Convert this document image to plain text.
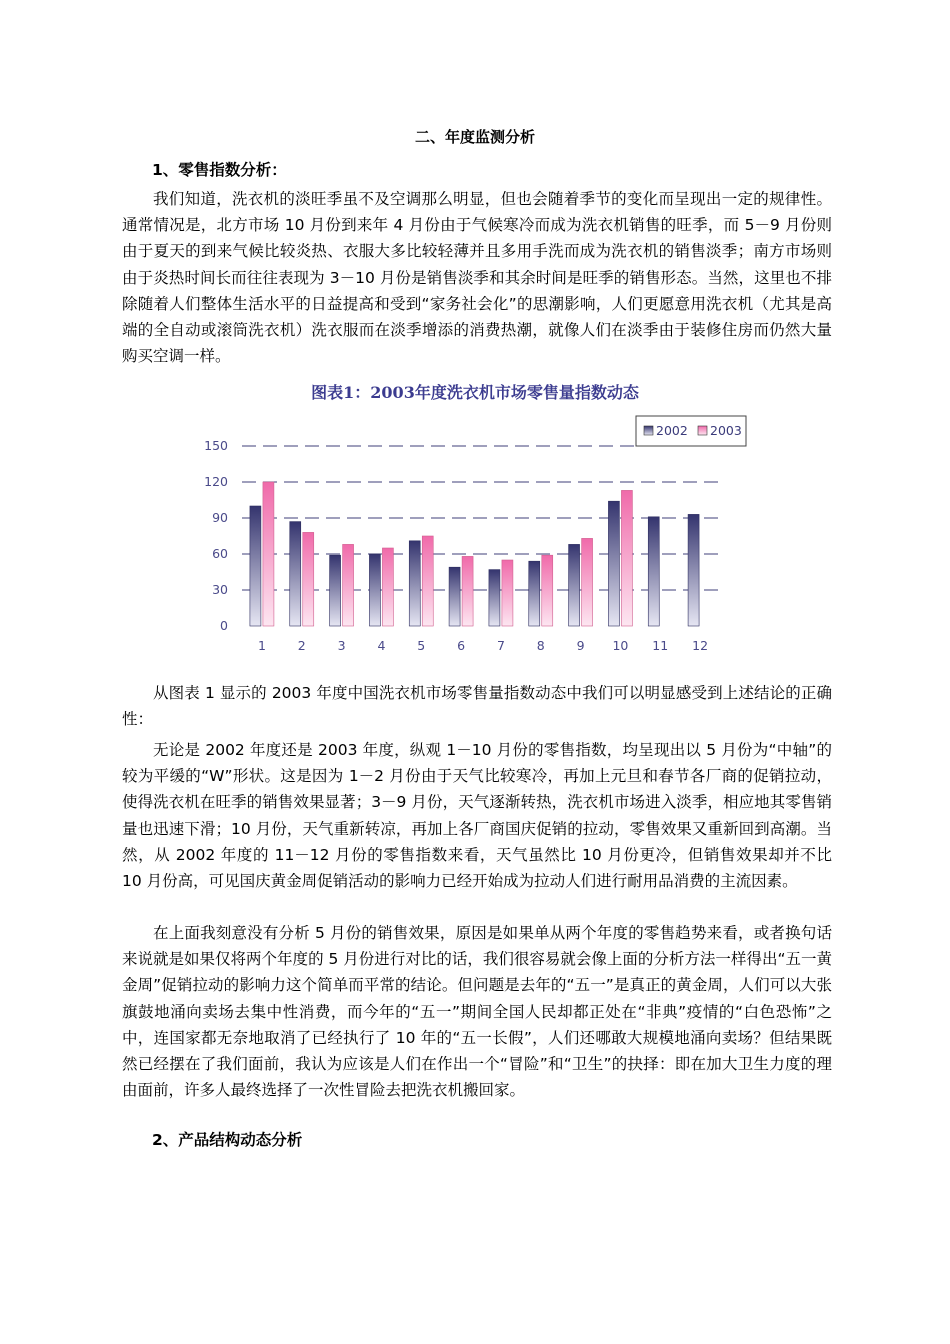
二、年度监测分析
1、零售指数分析：

我们知道，洗衣机的淡旺季虽不及空调那么明显，但也会随着季节的变化而呈现出一定的规律性。通常情况是，北方市场 10 月份到来年 4 月份由于气候寒冷而成为洗衣机销售的旺季，而 5－9 月份则由于夏天的到来气候比较炎热、衣服大多比较轻薄并且多用手洗而成为洗衣机的销售淡季；南方市场则由于炎热时间长而往往表现为 3－10 月份是销售淡季和其余时间是旺季的销售形态。当然，这里也不排除随着人们整体生活水平的日益提高和受到“家务社会化”的思潮影响，人们更愿意用洗衣机（尤其是高端的全自动或滚筒洗衣机）洗衣服而在淡季增添的消费热潮，就像人们在淡季由于装修住房而仍然大量购买空调一样。

图表1：2003年度洗衣机市场零售量指数动态
0
30
60
90
120
150
1	2	3	4	5	6	7	8	9 10 11 12
2002 2003

从图表 1 显示的 2003 年度中国洗衣机市场零售量指数动态中我们可以明显感受到上述结论的正确性：

无论是 2002 年度还是 2003 年度，纵观 1－10 月份的零售指数，均呈现出以 5 月份为“中轴”的较为平缓的“W”形状。这是因为 1－2 月份由于天气比较寒冷，再加上元旦和春节各厂商的促销拉动，使得洗衣机在旺季的销售效果显著；3－9 月份，天气逐渐转热，洗衣机市场进入淡季，相应地其零售销量也迅速下滑；10 月份，天气重新转凉，再加上各厂商国庆促销的拉动，零售效果又重新回到高潮。当然，从 2002 年度的 11－12 月份的零售指数来看，天气虽然比 10 月份更冷，但销售效果却并不比 10 月份高，可见国庆黄金周促销活动的影响力已经开始成为拉动人们进行耐用品消费的主流因素。

在上面我刻意没有分析 5 月份的销售效果，原因是如果单从两个年度的零售趋势来看，或者换句话来说就是如果仅将两个年度的 5 月份进行对比的话，我们很容易就会像上面的分析方法一样得出“五一黄金周”促销拉动的影响力这个简单而平常的结论。但问题是去年的“五一”是真正的黄金周，人们可以大张旗鼓地涌向卖场去集中性消费，而今年的“五一”期间全国人民却都正处在“非典”疫情的“白色恐怖”之中，连国家都无奈地取消了已经执行了 10 年的“五一长假”，人们还哪敢大规模地涌向卖场？但结果既然已经摆在了我们面前，我认为应该是人们在作出一个“冒险”和“卫生”的抉择：即在加大卫生力度的理由面前，许多人最终选择了一次性冒险去把洗衣机搬回家。

2、产品结构动态分析
